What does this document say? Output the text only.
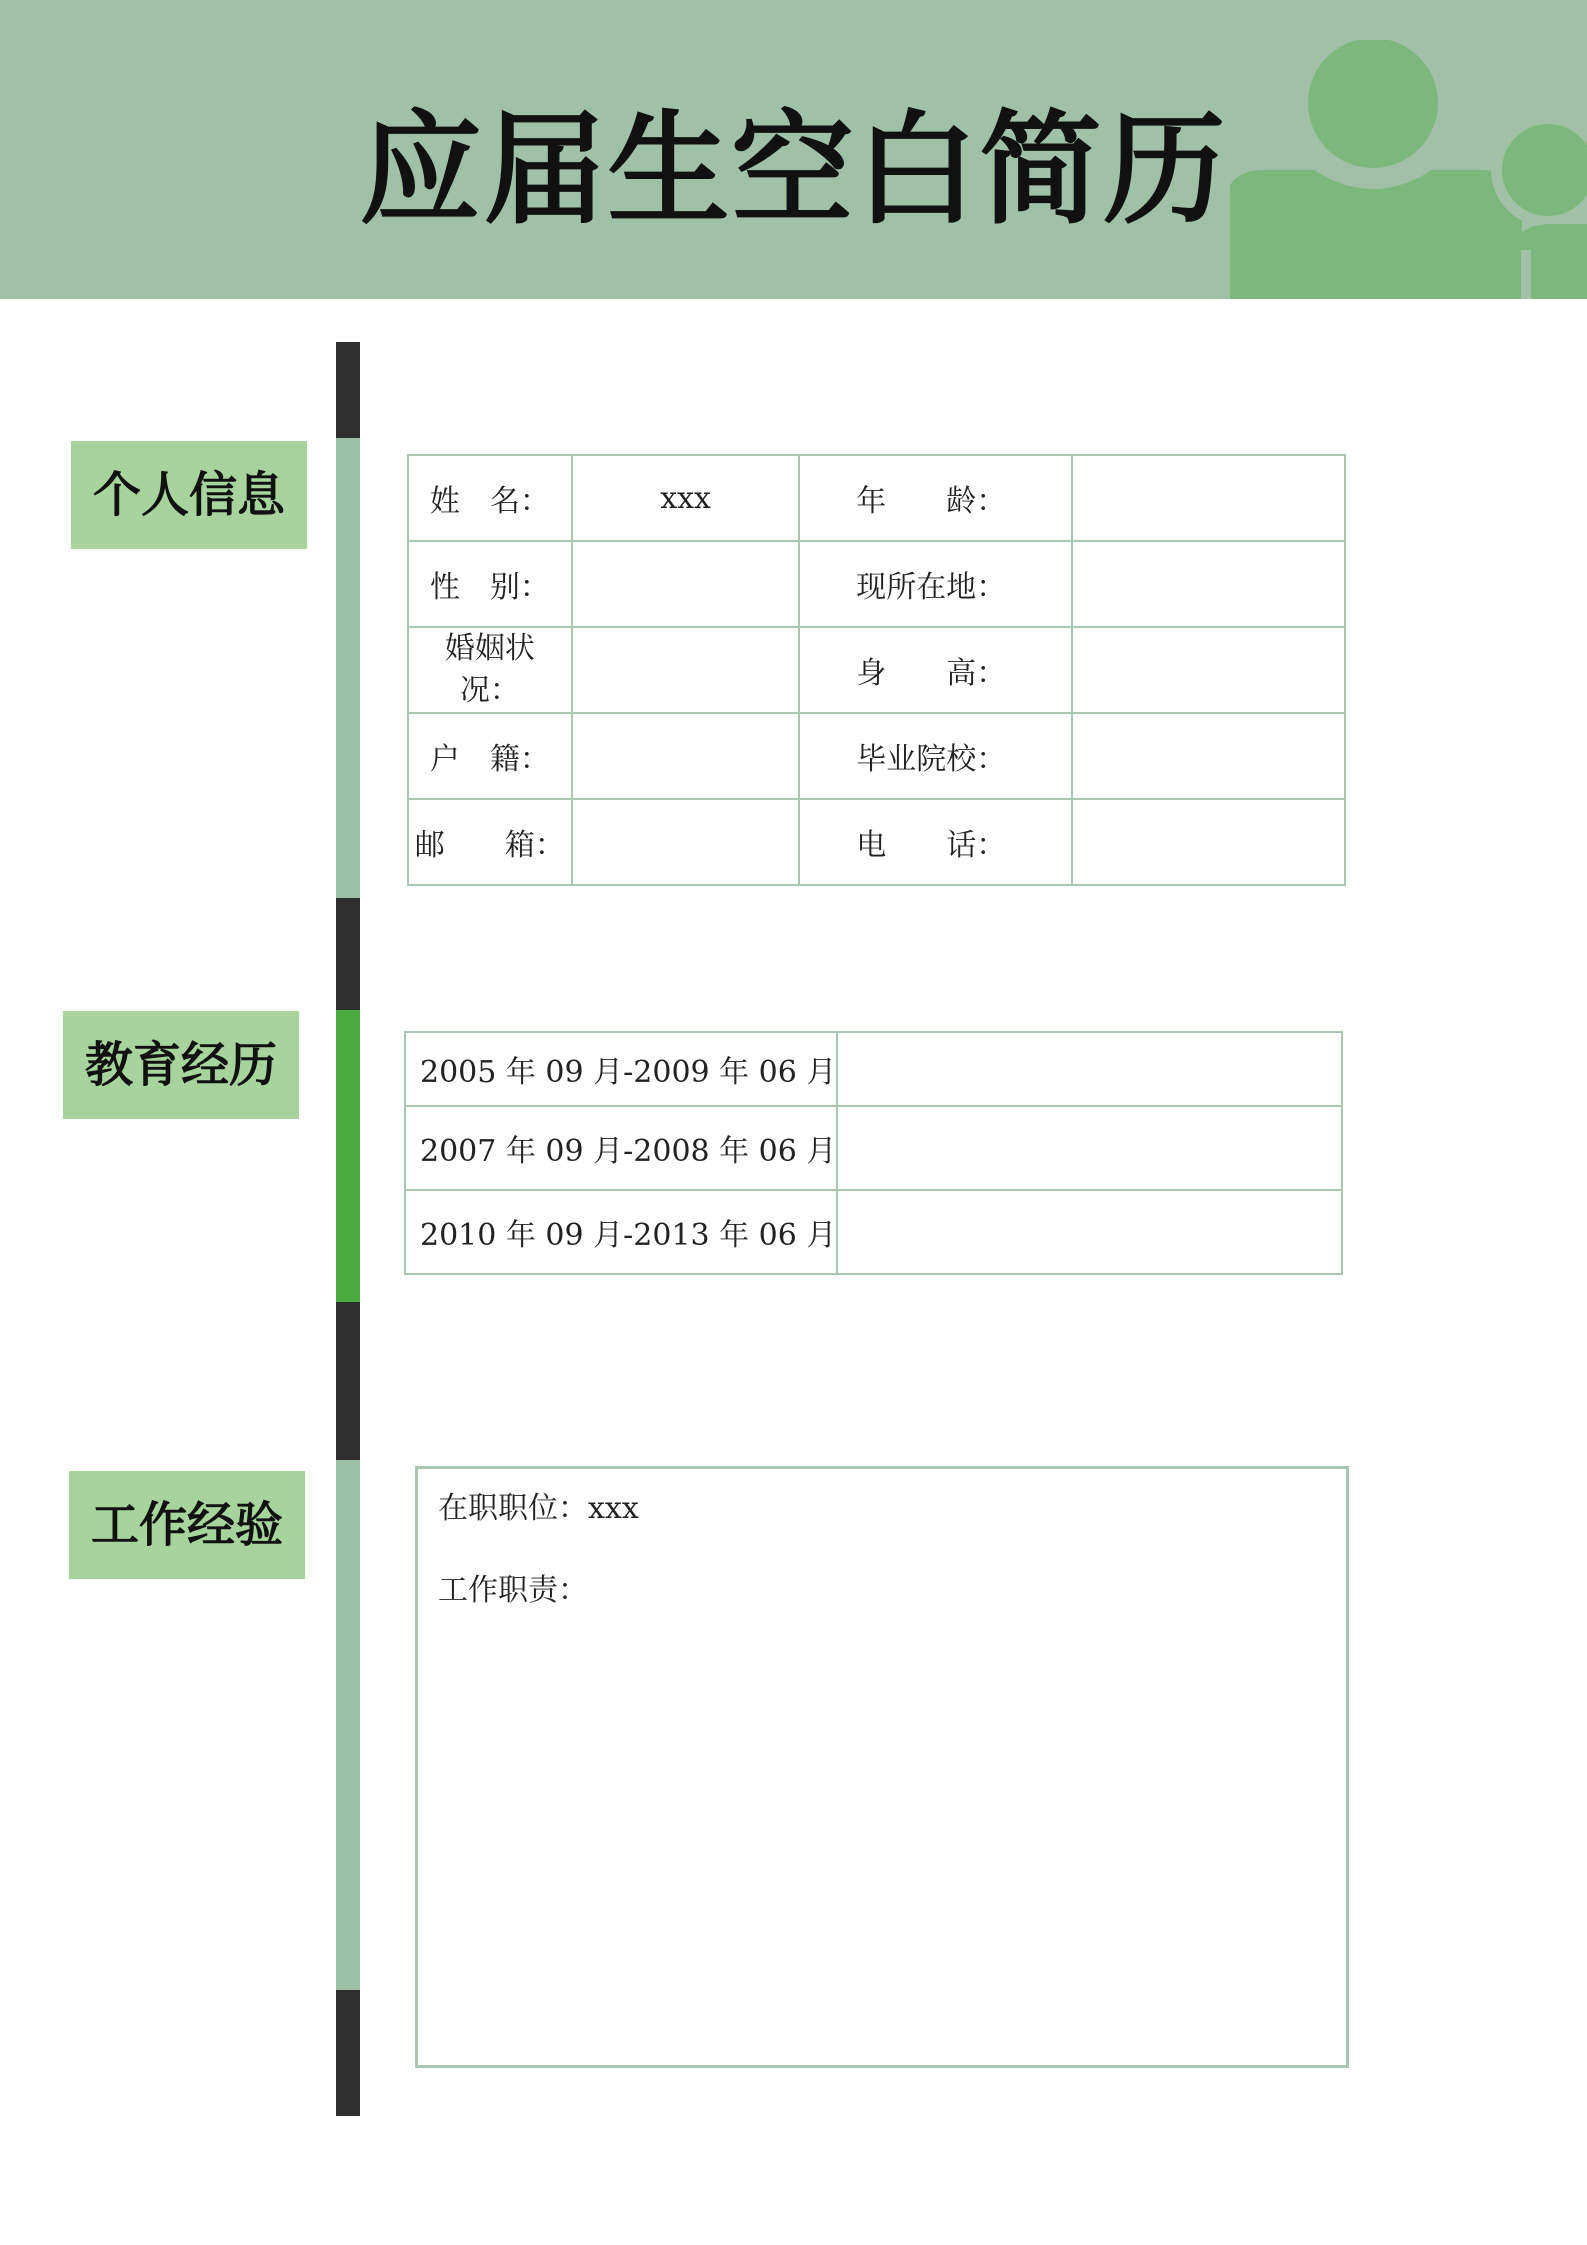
应届生空白简历
个人信息
教育经历
工作经验
姓　名：	xxx	年　　龄：	
性　别：		现所在地：	
婚姻状况：		身　　高：	
户　籍：		毕业院校：	
邮　　箱：		电　　话：	
2005 年 09 月-2009 年 06 月	
2007 年 09 月-2008 年 06 月	
2010 年 09 月-2013 年 06 月	
在职职位：xxx
工作职责：
